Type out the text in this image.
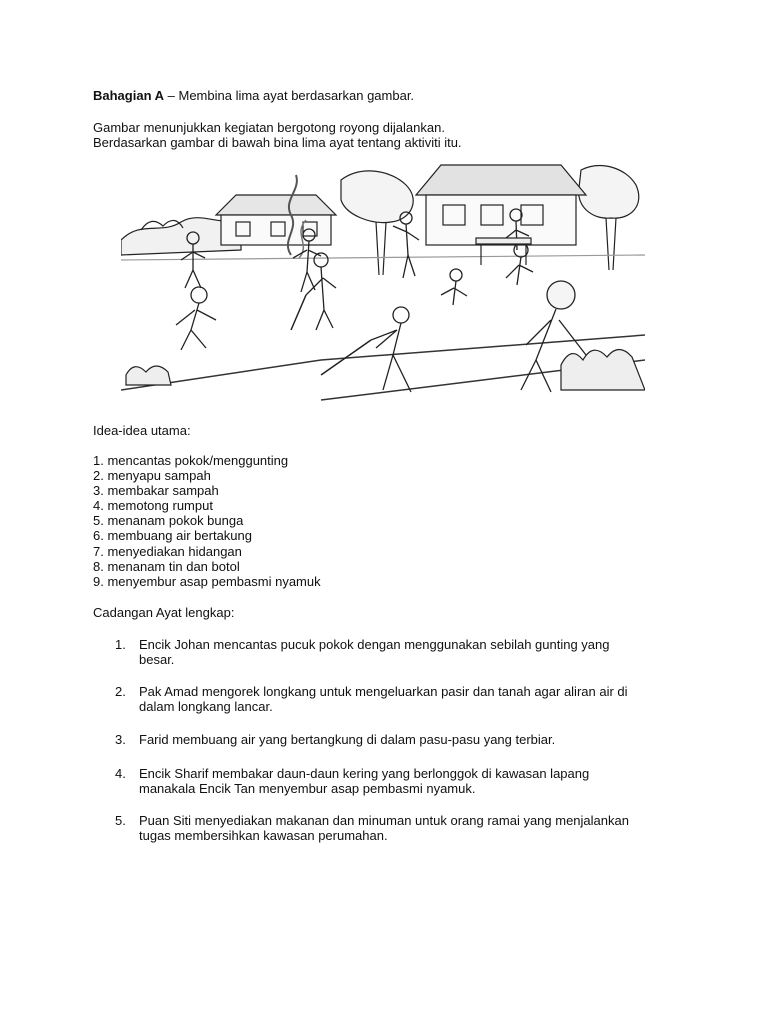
Bahagian A – Membina lima ayat berdasarkan gambar.
Gambar menunjukkan kegiatan bergotong royong dijalankan.
Berdasarkan gambar di bawah bina lima ayat tentang aktiviti itu.
Idea-idea utama:
1. mencantas pokok/menggunting
2. menyapu sampah
3. membakar sampah
4. memotong rumput
5. menanam pokok bunga
6. membuang air bertakung
7. menyediakan hidangan
8. menanam tin dan botol
9. menyembur asap pembasmi nyamuk
Cadangan Ayat lengkap:
1.	Encik Johan mencantas pucuk pokok dengan menggunakan sebilah gunting yang
besar.
2.	Pak Amad mengorek longkang untuk mengeluarkan pasir dan tanah agar aliran air di
dalam longkang lancar.
3.	Farid membuang air yang bertangkung di dalam pasu-pasu yang terbiar.
4.	Encik Sharif membakar daun-daun kering yang berlonggok di kawasan lapang
manakala Encik Tan menyembur asap pembasmi nyamuk.
5.	Puan Siti menyediakan makanan dan minuman untuk orang ramai yang menjalankan
tugas membersihkan kawasan perumahan.
